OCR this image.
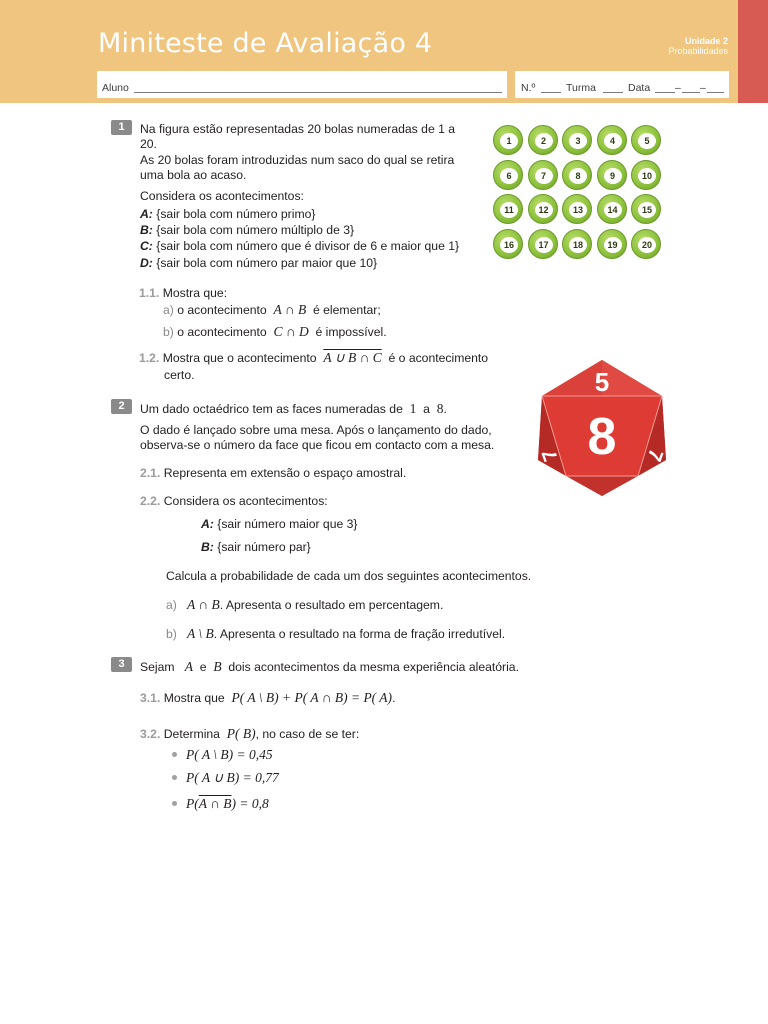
Miniteste de Avaliação 4	Unidade 2
Probabilidades
Aluno	N.º	Turma	Data – –
1	Na figura estão representadas 20 bolas numeradas de 1 a
20.
As 20 bolas foram introduzidas num saco do qual se retira
uma bola ao acaso.
Considera os acontecimentos:
A: {sair bola com número primo}
B: {sair bola com número múltiplo de 3}
C: {sair bola com número que é divisor de 6 e maior que 1}
D: {sair bola com número par maior que 10}
1	2	3	4	5
6	7	8	9	10
11	12	13	14	15
16	17	18	19	20
1.1. Mostra que:
a) o acontecimento A ∩ B é elementar;
b) o acontecimento C ∩ D é impossível.
1.2. Mostra que o acontecimento A ∪ B ∩ C é o acontecimento
certo.	5
8
7	7
2	Um dado octaédrico tem as faces numeradas de 1 a 8.
O dado é lançado sobre uma mesa. Após o lançamento do dado,
observa-se o número da face que ficou em contacto com a mesa.
2.1. Representa em extensão o espaço amostral.
2.2. Considera os acontecimentos:
A: {sair número maior que 3}
B: {sair número par}
Calcula a probabilidade de cada um dos seguintes acontecimentos.
a) A ∩ B. Apresenta o resultado em percentagem.
b) A \ B. Apresenta o resultado na forma de fração irredutível.
3	Sejam A e B dois acontecimentos da mesma experiência aleatória.
3.1. Mostra que P( A \ B) + P( A ∩ B) = P( A).
3.2. Determina P( B), no caso de se ter:
P( A \ B) = 0,45
P( A ∪ B) = 0,77
P(A ∩ B) = 0,8
